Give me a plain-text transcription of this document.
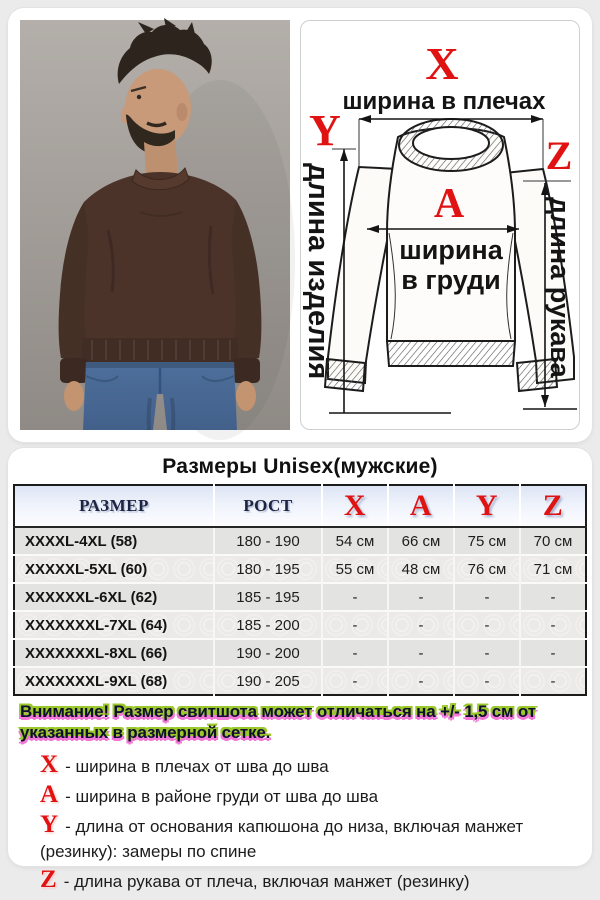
X
ширина в плечах
Y
длина изделия
Z
длина рукава
A
ширина
в груди
Размеры Unisex(мужские)
РАЗМЕР	РОСТ	X	A	Y	Z
XXXXL-4XL (58)	180 - 190	54 см	66 см	75 см	70 см
XXXXXL-5XL (60)	180 - 195	55 см	48 см	76 см	71 см
XXXXXXL-6XL (62)	185 - 195	-	-	-	-
XXXXXXXL-7XL (64)	185 - 200	-	-	-	-
XXXXXXXL-8XL (66)	190 - 200	-	-	-	-
XXXXXXXL-9XL (68)	190 - 205	-	-	-	-
Внимание! Размер свитшота может отличаться на +/- 1,5 см от
указанных в размерной сетке.
X - ширина в плечах от шва до шва
A - ширина в районе груди от шва до шва
Y - длина от основания капюшона до низа, включая манжет (резинку): замеры по спине
Z - длина рукава от плеча, включая манжет (резинку)
